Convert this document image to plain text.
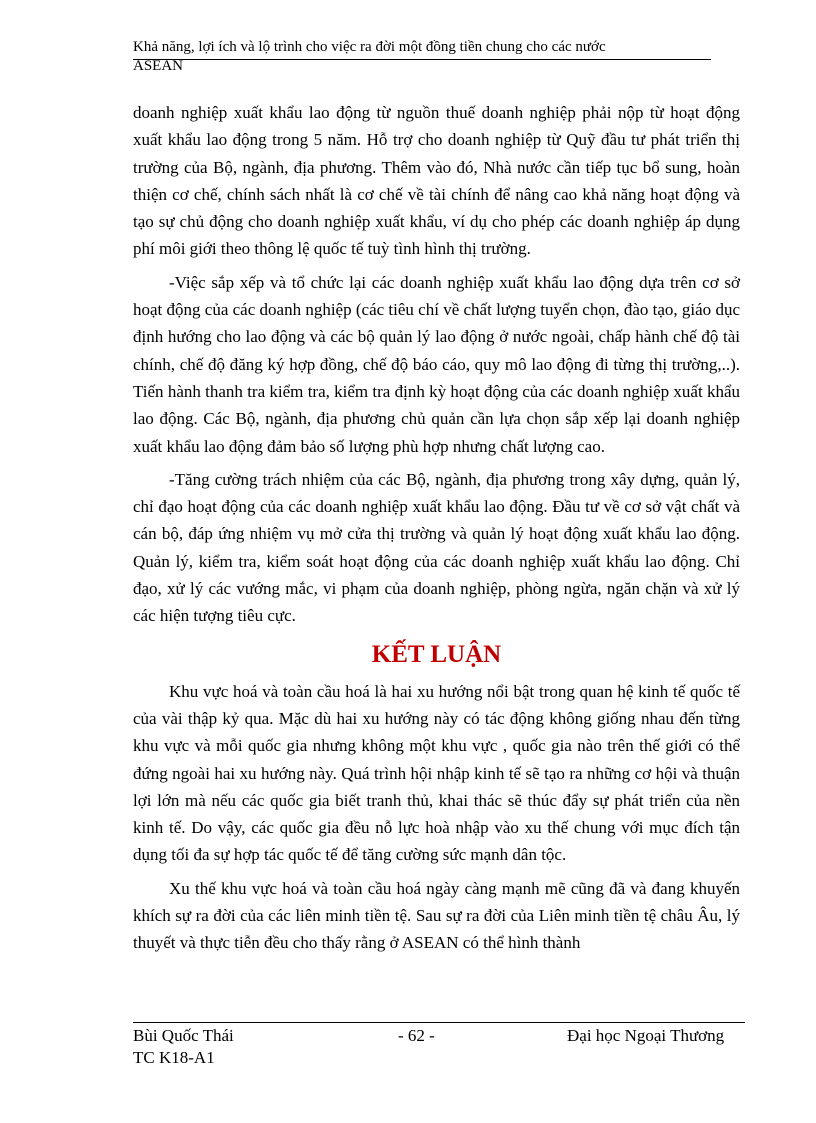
Khả năng, lợi ích và lộ trình cho việc ra đời một đồng tiền chung cho các nước
ASEAN

doanh nghiệp xuất khẩu lao động từ nguồn thuế doanh nghiệp phải nộp từ hoạt động xuất khẩu lao động trong 5 năm. Hỗ trợ cho doanh nghiệp từ Quỹ đầu tư phát triển thị trường của Bộ, ngành, địa phương. Thêm vào đó, Nhà nước cần tiếp tục bổ sung, hoàn thiện cơ chế, chính sách nhất là cơ chế về tài chính để nâng cao khả năng hoạt động và tạo sự chủ động cho doanh nghiệp xuất khẩu, ví dụ cho phép các doanh nghiệp áp dụng phí môi giới theo thông lệ quốc tế tuỳ tình hình thị trường.

-Việc sắp xếp và tổ chức lại các doanh nghiệp xuất khẩu lao động dựa trên cơ sở hoạt động của các doanh nghiệp (các tiêu chí về chất lượng tuyển chọn, đào tạo, giáo dục định hướng cho lao động và các bộ quản lý lao động ở nước ngoài, chấp hành chế độ tài chính, chế độ đăng ký hợp đồng, chế độ báo cáo, quy mô lao động đi từng thị trường,..). Tiến hành thanh tra kiểm tra, kiểm tra định kỳ hoạt động của các doanh nghiệp xuất khẩu lao động. Các Bộ, ngành, địa phương chủ quản cần lựa chọn sắp xếp lại doanh nghiệp xuất khẩu lao động đảm bảo số lượng phù hợp nhưng chất lượng cao.

-Tăng cường trách nhiệm của các Bộ, ngành, địa phương trong xây dựng, quản lý, chỉ đạo hoạt động của các doanh nghiệp xuất khẩu lao động. Đầu tư về cơ sở vật chất và cán bộ, đáp ứng nhiệm vụ mở cửa thị trường và quản lý hoạt động xuất khẩu lao động. Quản lý, kiểm tra, kiểm soát hoạt động của các doanh nghiệp xuất khẩu lao động. Chỉ đạo, xử lý các vướng mắc, vi phạm của doanh nghiệp, phòng ngừa, ngăn chặn và xử lý các hiện tượng tiêu cực.

KẾT LUẬN

Khu vực hoá và toàn cầu hoá là hai xu hướng nổi bật trong quan hệ kinh tế quốc tế của vài thập kỷ qua. Mặc dù hai xu hướng này có tác động không giống nhau đến từng khu vực và mỗi quốc gia nhưng không một khu vực , quốc gia nào trên thế giới có thể đứng ngoài hai xu hướng này. Quá trình hội nhập kinh tế sẽ tạo ra những cơ hội và thuận lợi lớn mà nếu các quốc gia biết tranh thủ, khai thác sẽ thúc đẩy sự phát triển của nền kinh tế. Do vậy, các quốc gia đều nỗ lực hoà nhập vào xu thế chung với mục đích tận dụng tối đa sự hợp tác quốc tế để tăng cường sức mạnh dân tộc.

Xu thế khu vực hoá và toàn cầu hoá ngày càng mạnh mẽ cũng đã và đang khuyến khích sự ra đời của các liên minh tiền tệ. Sau sự ra đời của Liên minh tiền tệ châu Âu, lý thuyết và thực tiễn đều cho thấy rằng ở ASEAN có thể hình thành

Bùi Quốc Thái
TC K18-A1
- 62 -	Đại học Ngoại Thương
